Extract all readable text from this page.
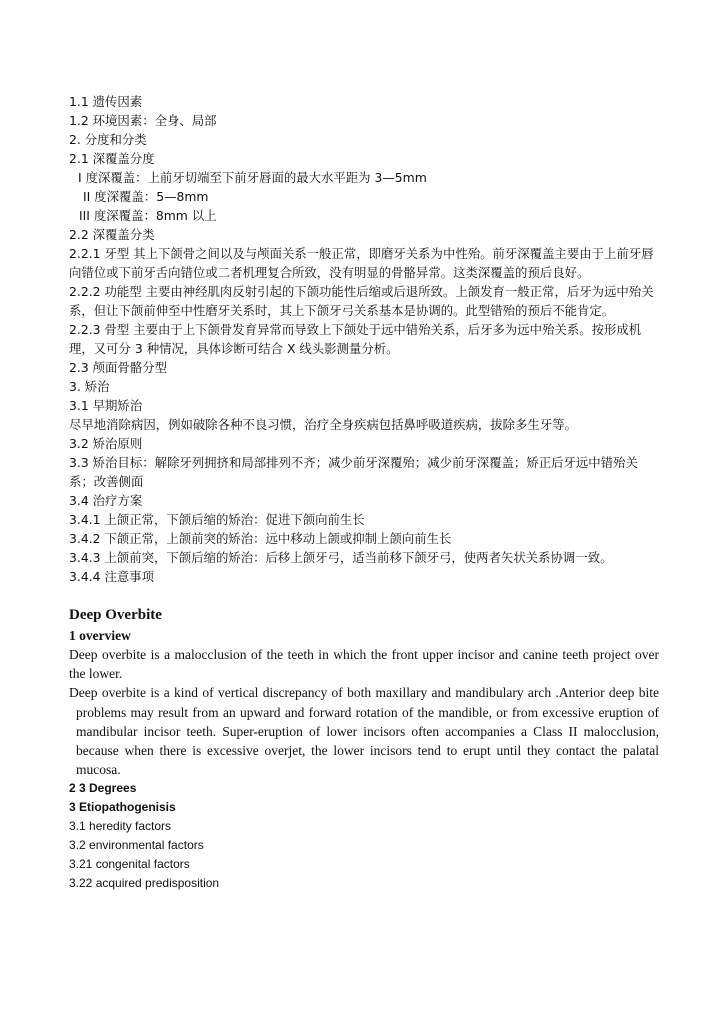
1.1 遗传因素

1.2 环境因素：全身、局部

2. 分度和分类

2.1 深覆盖分度

I 度深覆盖：上前牙切端至下前牙唇面的最大水平距为 3—5mm

II 度深覆盖：5—8mm

III 度深覆盖：8mm 以上

2.2 深覆盖分类

2.2.1 牙型 其上下颌骨之间以及与颅面关系一般正常，即磨牙关系为中性殆。前牙深覆盖主要由于上前牙唇向错位或下前牙舌向错位或二者机理复合所致，没有明显的骨骼异常。这类深覆盖的预后良好。

2.2.2 功能型 主要由神经肌肉反射引起的下颌功能性后缩或后退所致。上颌发育一般正常，后牙为远中殆关系，但让下颌前伸至中性磨牙关系时，其上下颌牙弓关系基本是协调的。此型错殆的预后不能肯定。

2.2.3 骨型 主要由于上下颌骨发育异常而导致上下颌处于远中错殆关系，后牙多为远中殆关系。按形成机理，又可分 3 种情况，具体诊断可结合 X 线头影测量分析。

2.3 颅面骨骼分型

3. 矫治

3.1 早期矫治

尽早地消除病因，例如破除各种不良习惯，治疗全身疾病包括鼻呼吸道疾病，拔除多生牙等。

3.2 矫治原则

3.3 矫治目标：解除牙列拥挤和局部排列不齐；减少前牙深覆殆；减少前牙深覆盖；矫正后牙远中错殆关系；改善侧面

3.4 治疗方案

3.4.1 上颌正常，下颌后缩的矫治：促进下颌向前生长

3.4.2 下颌正常，上颌前突的矫治：远中移动上颌或抑制上颌向前生长

3.4.3 上颌前突，下颌后缩的矫治：后移上颌牙弓，适当前移下颌牙弓，使两者矢状关系协调一致。

3.4.4 注意事项

Deep Overbite

1 overview

Deep overbite is a malocclusion of the teeth in which the front upper incisor and canine teeth project over the lower.

Deep overbite is a kind of vertical discrepancy of both maxillary and mandibulary arch .Anterior deep bite problems may result from an upward and forward rotation of the mandible, or from excessive eruption of mandibular incisor teeth. Super-eruption of lower incisors often accompanies a Class II malocclusion, because when there is excessive overjet, the lower incisors tend to erupt until they contact the palatal mucosa.

2 3 Degrees

3 Etiopathogenisis

3.1 heredity factors

3.2 environmental factors

3.21 congenital factors

3.22 acquired predisposition
